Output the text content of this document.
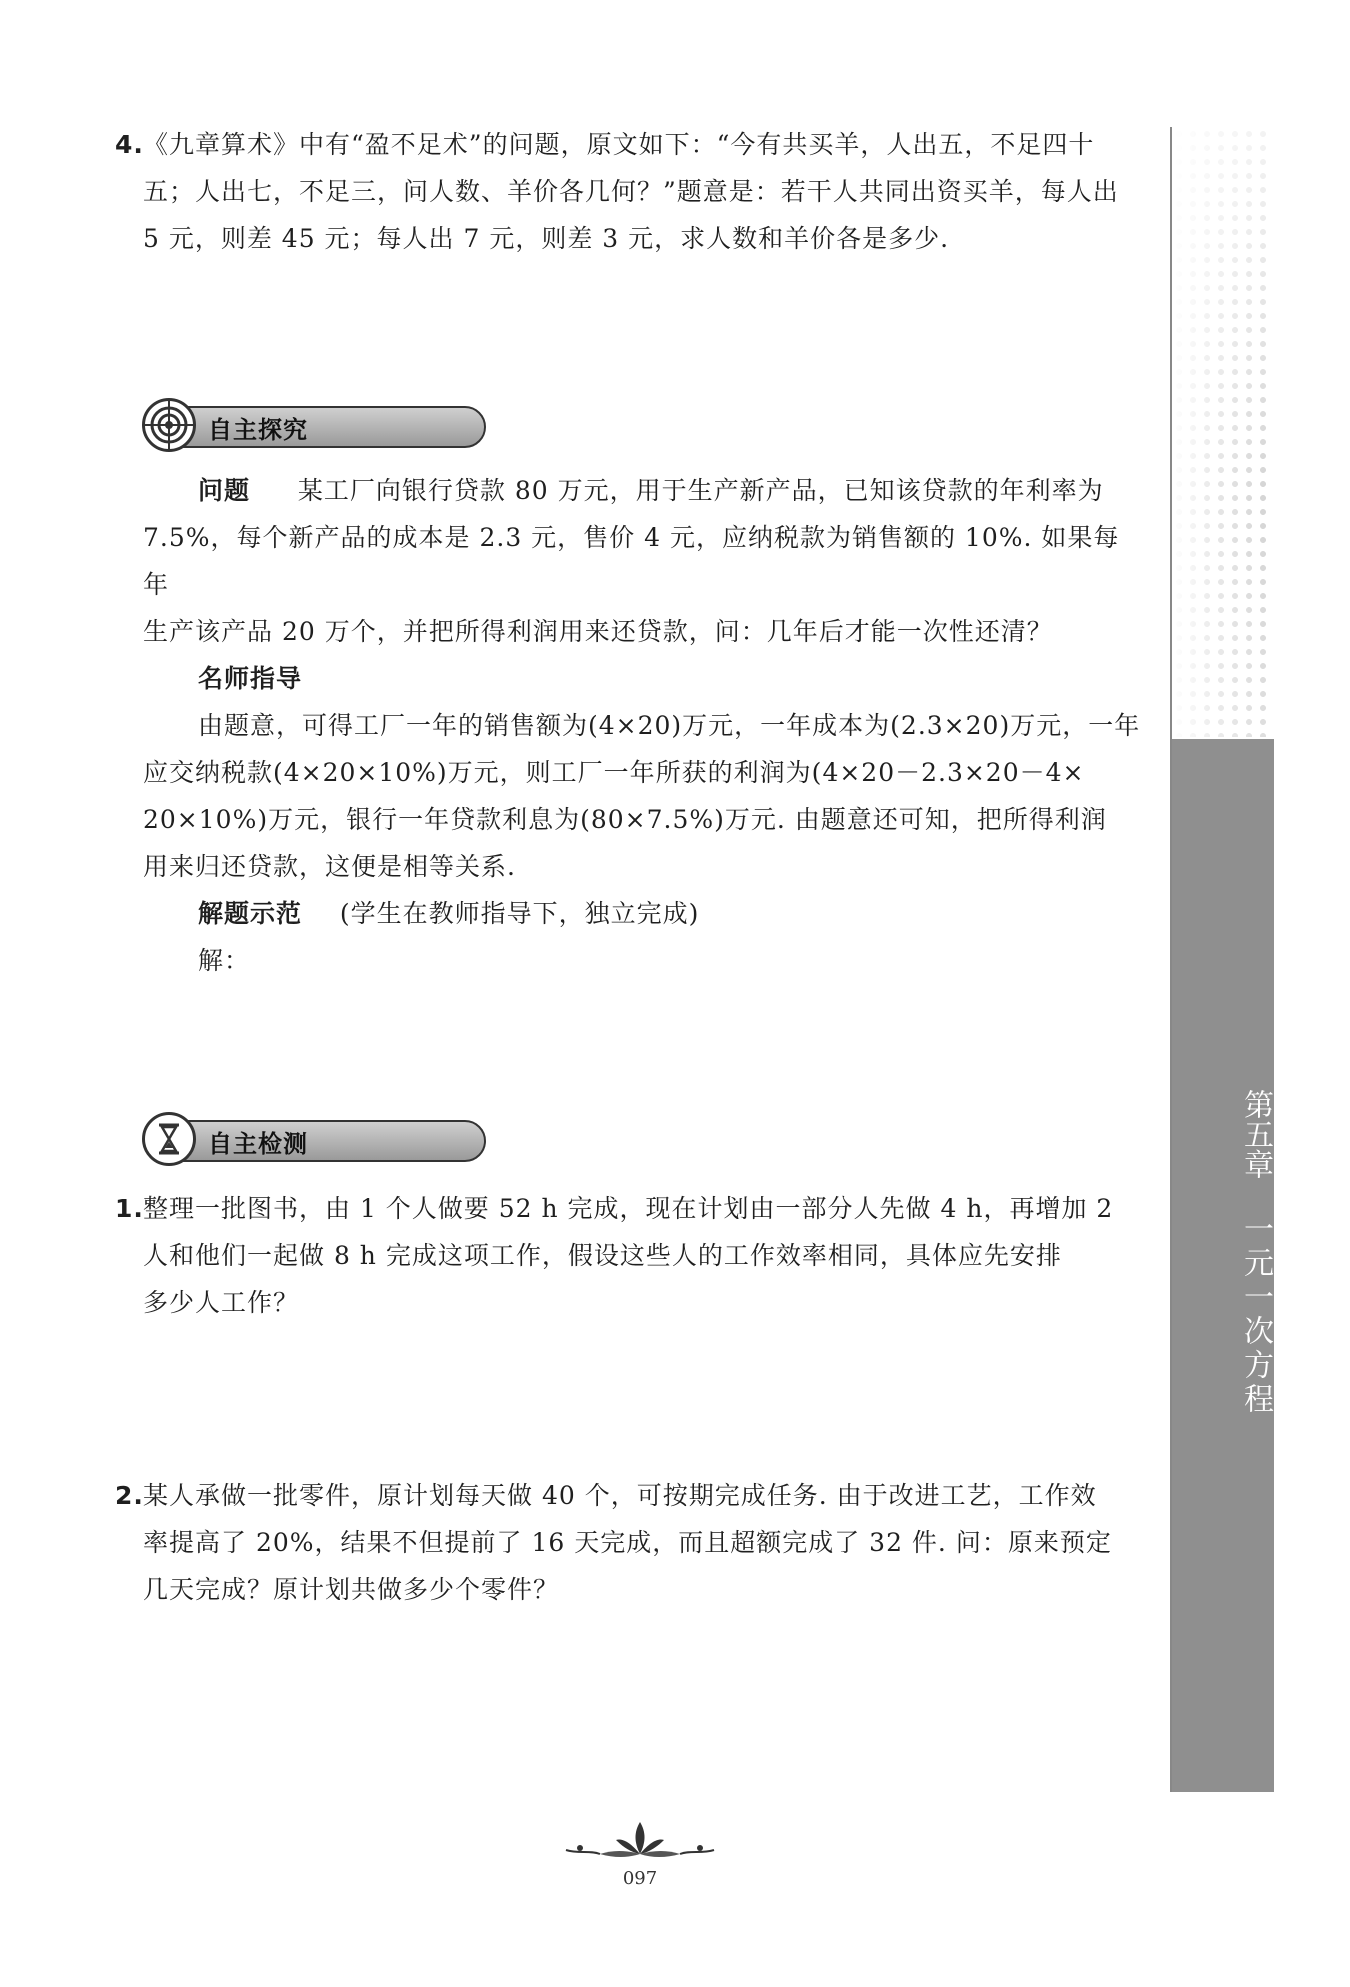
4. 《九章算术》中有“盈不足术”的问题，原文如下：“今有共买羊，人出五，不足四十
五；人出七，不足三，问人数、羊价各几何？”题意是：若干人共同出资买羊，每人出
5 元，则差 45 元；每人出 7 元，则差 3 元，求人数和羊价各是多少.
自主探究
问题 某工厂向银行贷款 80 万元，用于生产新产品，已知该贷款的年利率为
7.5%，每个新产品的成本是 2.3 元，售价 4 元，应纳税款为销售额的 10%. 如果每年
生产该产品 20 万个，并把所得利润用来还贷款，问：几年后才能一次性还清？
名师指导
由题意，可得工厂一年的销售额为(4×20)万元，一年成本为(2.3×20)万元，一年
应交纳税款(4×20×10%)万元，则工厂一年所获的利润为(4×20－2.3×20－4×
20×10%)万元，银行一年贷款利息为(80×7.5%)万元. 由题意还可知，把所得利润
用来归还贷款，这便是相等关系.
解题示范 (学生在教师指导下，独立完成)
解：
自主检测
1. 整理一批图书，由 1 个人做要 52 h 完成，现在计划由一部分人先做 4 h，再增加 2
人和他们一起做 8 h 完成这项工作，假设这些人的工作效率相同，具体应先安排
多少人工作？
2. 某人承做一批零件，原计划每天做 40 个，可按期完成任务. 由于改进工艺，工作效
率提高了 20%，结果不但提前了 16 天完成，而且超额完成了 32 件. 问：原来预定
几天完成？原计划共做多少个零件？
第五章
一元一次方程
097
